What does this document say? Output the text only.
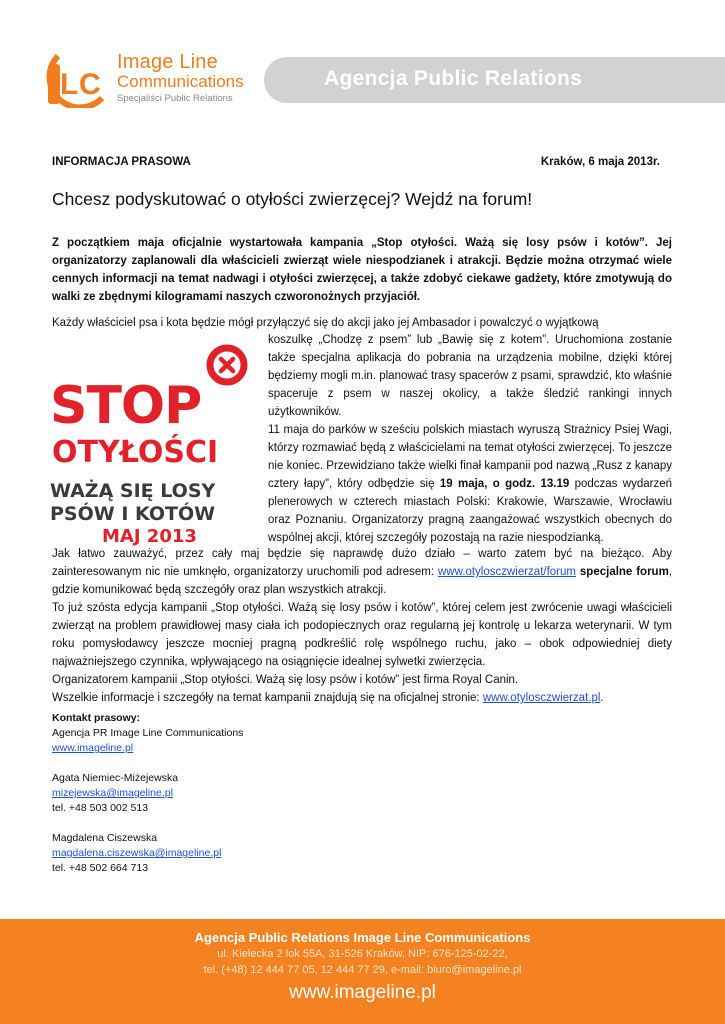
L C
Image Line
Communications
Specjaliści Public Relations
Agencja Public Relations
INFORMACJA PRASOWA	Kraków, 6 maja 2013r.
Chcesz podyskutować o otyłości zwierzęcej? Wejdź na forum!
Z początkiem maja oficjalnie wystartowała kampania „Stop otyłości. Ważą się losy psów i kotów”. Jej organizatorzy zaplanowali dla właścicieli zwierząt wiele niespodzianek i atrakcji. Będzie można otrzymać wiele cennych informacji na temat nadwagi i otyłości zwierzęcej, a także zdobyć ciekawe gadżety, które zmotywują do walki ze zbędnymi kilogramami naszych czworonożnych przyjaciół.
Każdy właściciel psa i kota będzie mógł przyłączyć się do akcji jako jej Ambasador i powalczyć o wyjątkową
STOP
OTYŁOŚCI
WAŻĄ SIĘ LOSY
PSÓW I KOTÓW
MAJ 2013
koszulkę „Chodzę z psem” lub „Bawię się z kotem”. Uruchomiona zostanie także specjalna aplikacja do pobrania na urządzenia mobilne, dzięki której będziemy mogli m.in. planować trasy spacerów z psami, sprawdzić, kto właśnie spaceruje z psem w naszej okolicy, a także śledzić rankingi innych użytkowników.
11 maja do parków w sześciu polskich miastach wyruszą Strażnicy Psiej Wagi, którzy rozmawiać będą z właścicielami na temat otyłości zwierzęcej. To jeszcze nie koniec. Przewidziano także wielki finał kampanii pod nazwą „Rusz z kanapy cztery łapy”, który odbędzie się 19 maja, o godz. 13.19 podczas wydarzeń plenerowych w czterech miastach Polski: Krakowie, Warszawie, Wrocławiu oraz Poznaniu. Organizatorzy pragną zaangażować wszystkich obecnych do wspólnej akcji, której szczegóły pozostają na razie niespodzianką.
Jak łatwo zauważyć, przez cały maj będzie się naprawdę dużo działo – warto zatem być na bieżąco. Aby zainteresowanym nic nie umknęło, organizatorzy uruchomili pod adresem: www.otylosczwierzat/forum specjalne forum, gdzie komunikować będą szczegóły oraz plan wszystkich atrakcji.
To już szósta edycja kampanii „Stop otyłości. Ważą się losy psów i kotów”, której celem jest zwrócenie uwagi właścicieli zwierząt na problem prawidłowej masy ciała ich podopiecznych oraz regularną jej kontrolę u lekarza weterynarii. W tym roku pomysłodawcy jeszcze mocniej pragną podkreślić rolę wspólnego ruchu, jako – obok odpowiedniej diety najważniejszego czynnika, wpływającego na osiągnięcie idealnej sylwetki zwierzęcia.
Organizatorem kampanii „Stop otyłości. Ważą się losy psów i kotów” jest firma Royal Canin.
Wszelkie informacje i szczegóły na temat kampanii znajdują się na oficjalnej stronie: www.otylosczwierzat.pl.
Kontakt prasowy:
Agencja PR Image Line Communications
www.imageline.pl
Agata Niemiec-Miżejewska
mizejewska@imageline.pl
tel. +48 503 002 513
Magdalena Ciszewska
magdalena.ciszewska@imageline.pl
tel. +48 502 664 713
Agencja Public Relations Image Line Communications
ul. Kielecka 2 lok 55A, 31-526 Kraków, NIP: 676-125-02-22,
tel. (+48) 12 444 77 05, 12 444 77 29, e-mail: biuro@imageline.pl
www.imageline.pl
